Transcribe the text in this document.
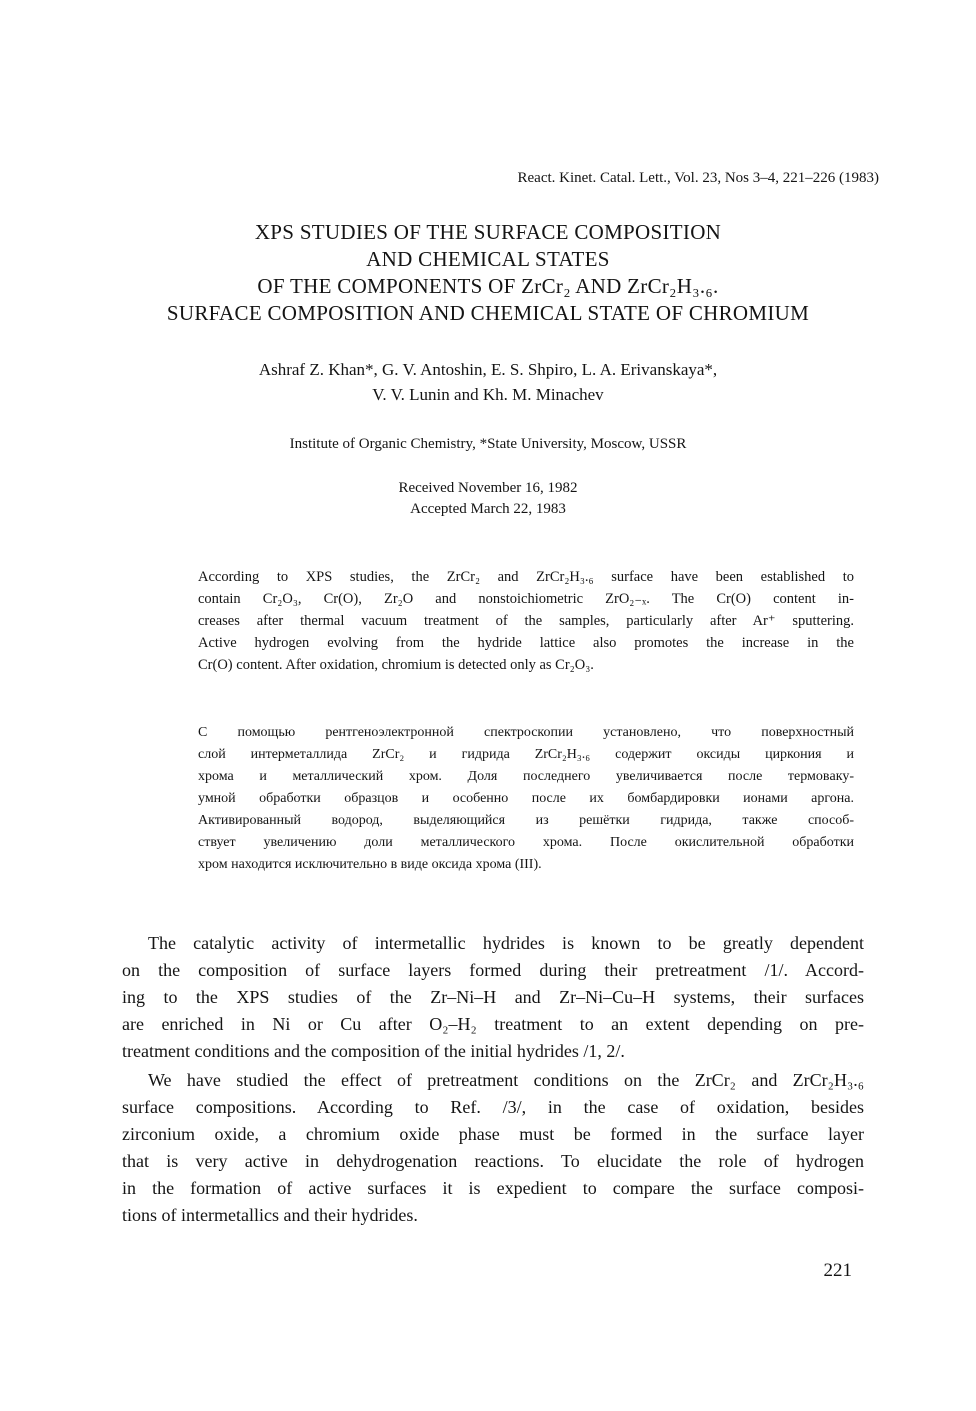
React. Kinet. Catal. Lett., Vol. 23, Nos 3–4, 221–226 (1983)
XPS STUDIES OF THE SURFACE COMPOSITION
AND CHEMICAL STATES
OF THE COMPONENTS OF ZrCr₂ AND ZrCr₂H₃.₆.
SURFACE COMPOSITION AND CHEMICAL STATE OF CHROMIUM
Ashraf Z. Khan*, G. V. Antoshin, E. S. Shpiro, L. A. Erivanskaya*,
V. V. Lunin and Kh. M. Minachev
Institute of Organic Chemistry, *State University, Moscow, USSR
Received November 16, 1982
Accepted March 22, 1983
According to XPS studies, the ZrCr₂ and ZrCr₂H₃.₆ surface have been established to
contain Cr₂O₃, Cr(O), Zr₂O and nonstoichiometric ZrO₂₋ₓ. The Cr(O) content in-
creases after thermal vacuum treatment of the samples, particularly after Ar⁺ sputtering.
Active hydrogen evolving from the hydride lattice also promotes the increase in the
Cr(O) content. After oxidation, chromium is detected only as Cr₂O₃.
С помощью рентгеноэлектронной спектроскопии установлено, что поверхностный
слой интерметаллида ZrCr₂ и гидрида ZrCr₂H₃.₆ содержит оксиды циркония и
хрома и металлический хром. Доля последнего увеличивается после термовaку-
умной обработки образцов и особенно после их бомбардировки ионами аргона.
Активированный водород, выделяющийся из решётки гидрида, также способ-
ствует увеличению доли металлического хрома. После окислительной обработки
хром находится исключительно в виде оксида хрома (III).
The catalytic activity of intermetallic hydrides is known to be greatly dependent
on the composition of surface layers formed during their pretreatment /1/. Accord-
ing to the XPS studies of the Zr–Ni–H and Zr–Ni–Cu–H systems, their surfaces
are enriched in Ni or Cu after O₂–H₂ treatment to an extent depending on pre-
treatment conditions and the composition of the initial hydrides /1, 2/.
We have studied the effect of pretreatment conditions on the ZrCr₂ and ZrCr₂H₃.₆
surface compositions. According to Ref. /3/, in the case of oxidation, besides
zirconium oxide, a chromium oxide phase must be formed in the surface layer
that is very active in dehydrogenation reactions. To elucidate the role of hydrogen
in the formation of active surfaces it is expedient to compare the surface composi-
tions of intermetallics and their hydrides.
221
